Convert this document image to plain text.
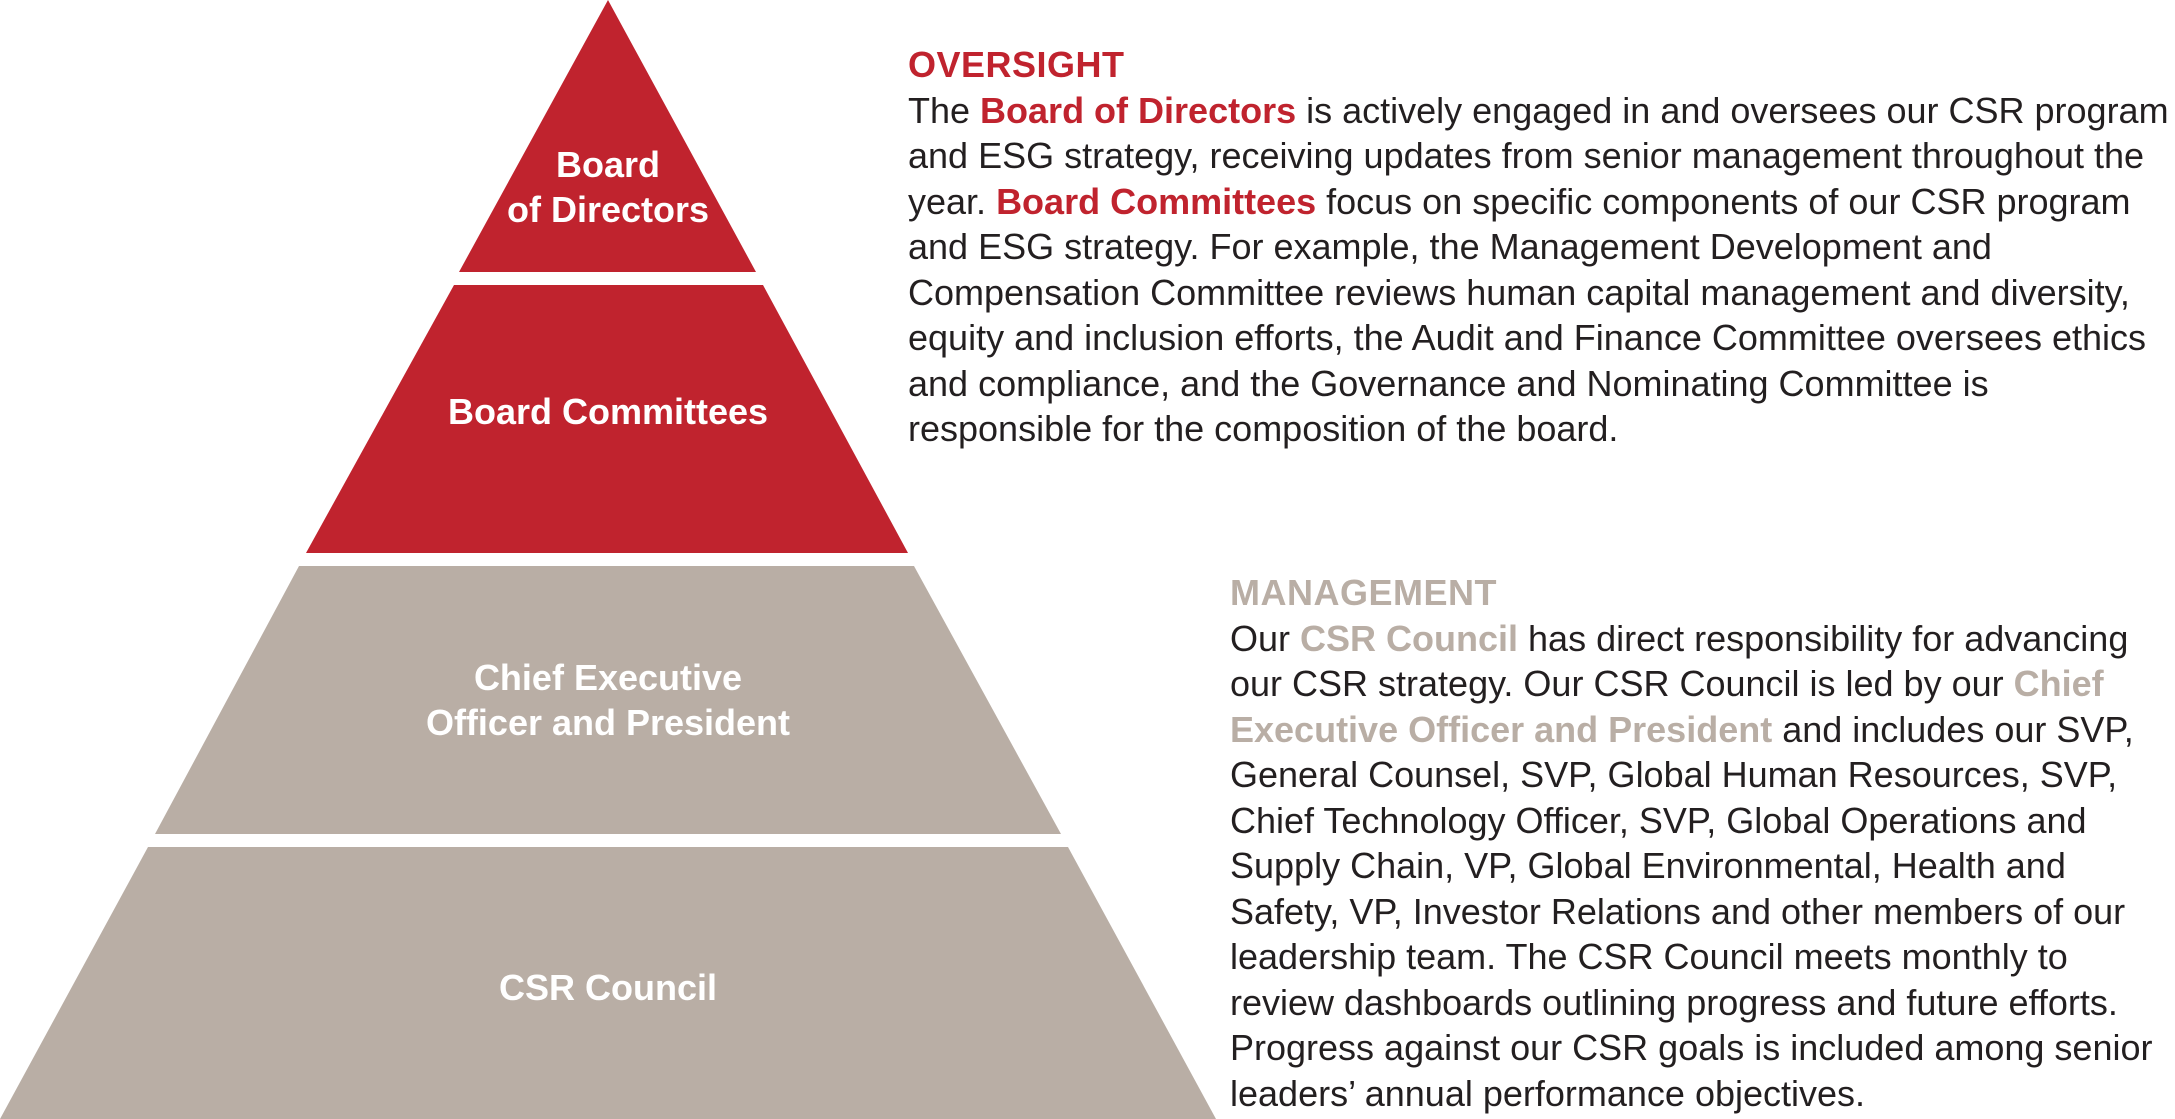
Board
of Directors
Board Committees
Chief Executive
Officer and President
CSR Council
OVERSIGHT
The Board of Directors is actively engaged in and oversees our CSR program and ESG strategy, receiving updates from senior management throughout the year. Board Committees focus on specific components of our CSR program and ESG strategy. For example, the Management Development and Compensation Committee reviews human capital management and diversity, equity and inclusion efforts, the Audit and Finance Committee oversees ethics and compliance, and the Governance and Nominating Committee is responsible for the composition of the board.
MANAGEMENT
Our CSR Council has direct responsibility for advancing our CSR strategy. Our CSR Council is led by our Chief Executive Officer and President and includes our SVP, General Counsel, SVP, Global Human Resources, SVP, Chief Technology Officer, SVP, Global Operations and Supply Chain, VP, Global Environmental, Health and Safety, VP, Investor Relations and other members of our leadership team. The CSR Council meets monthly to review dashboards outlining progress and future efforts. Progress against our CSR goals is included among senior leaders’ annual performance objectives.
